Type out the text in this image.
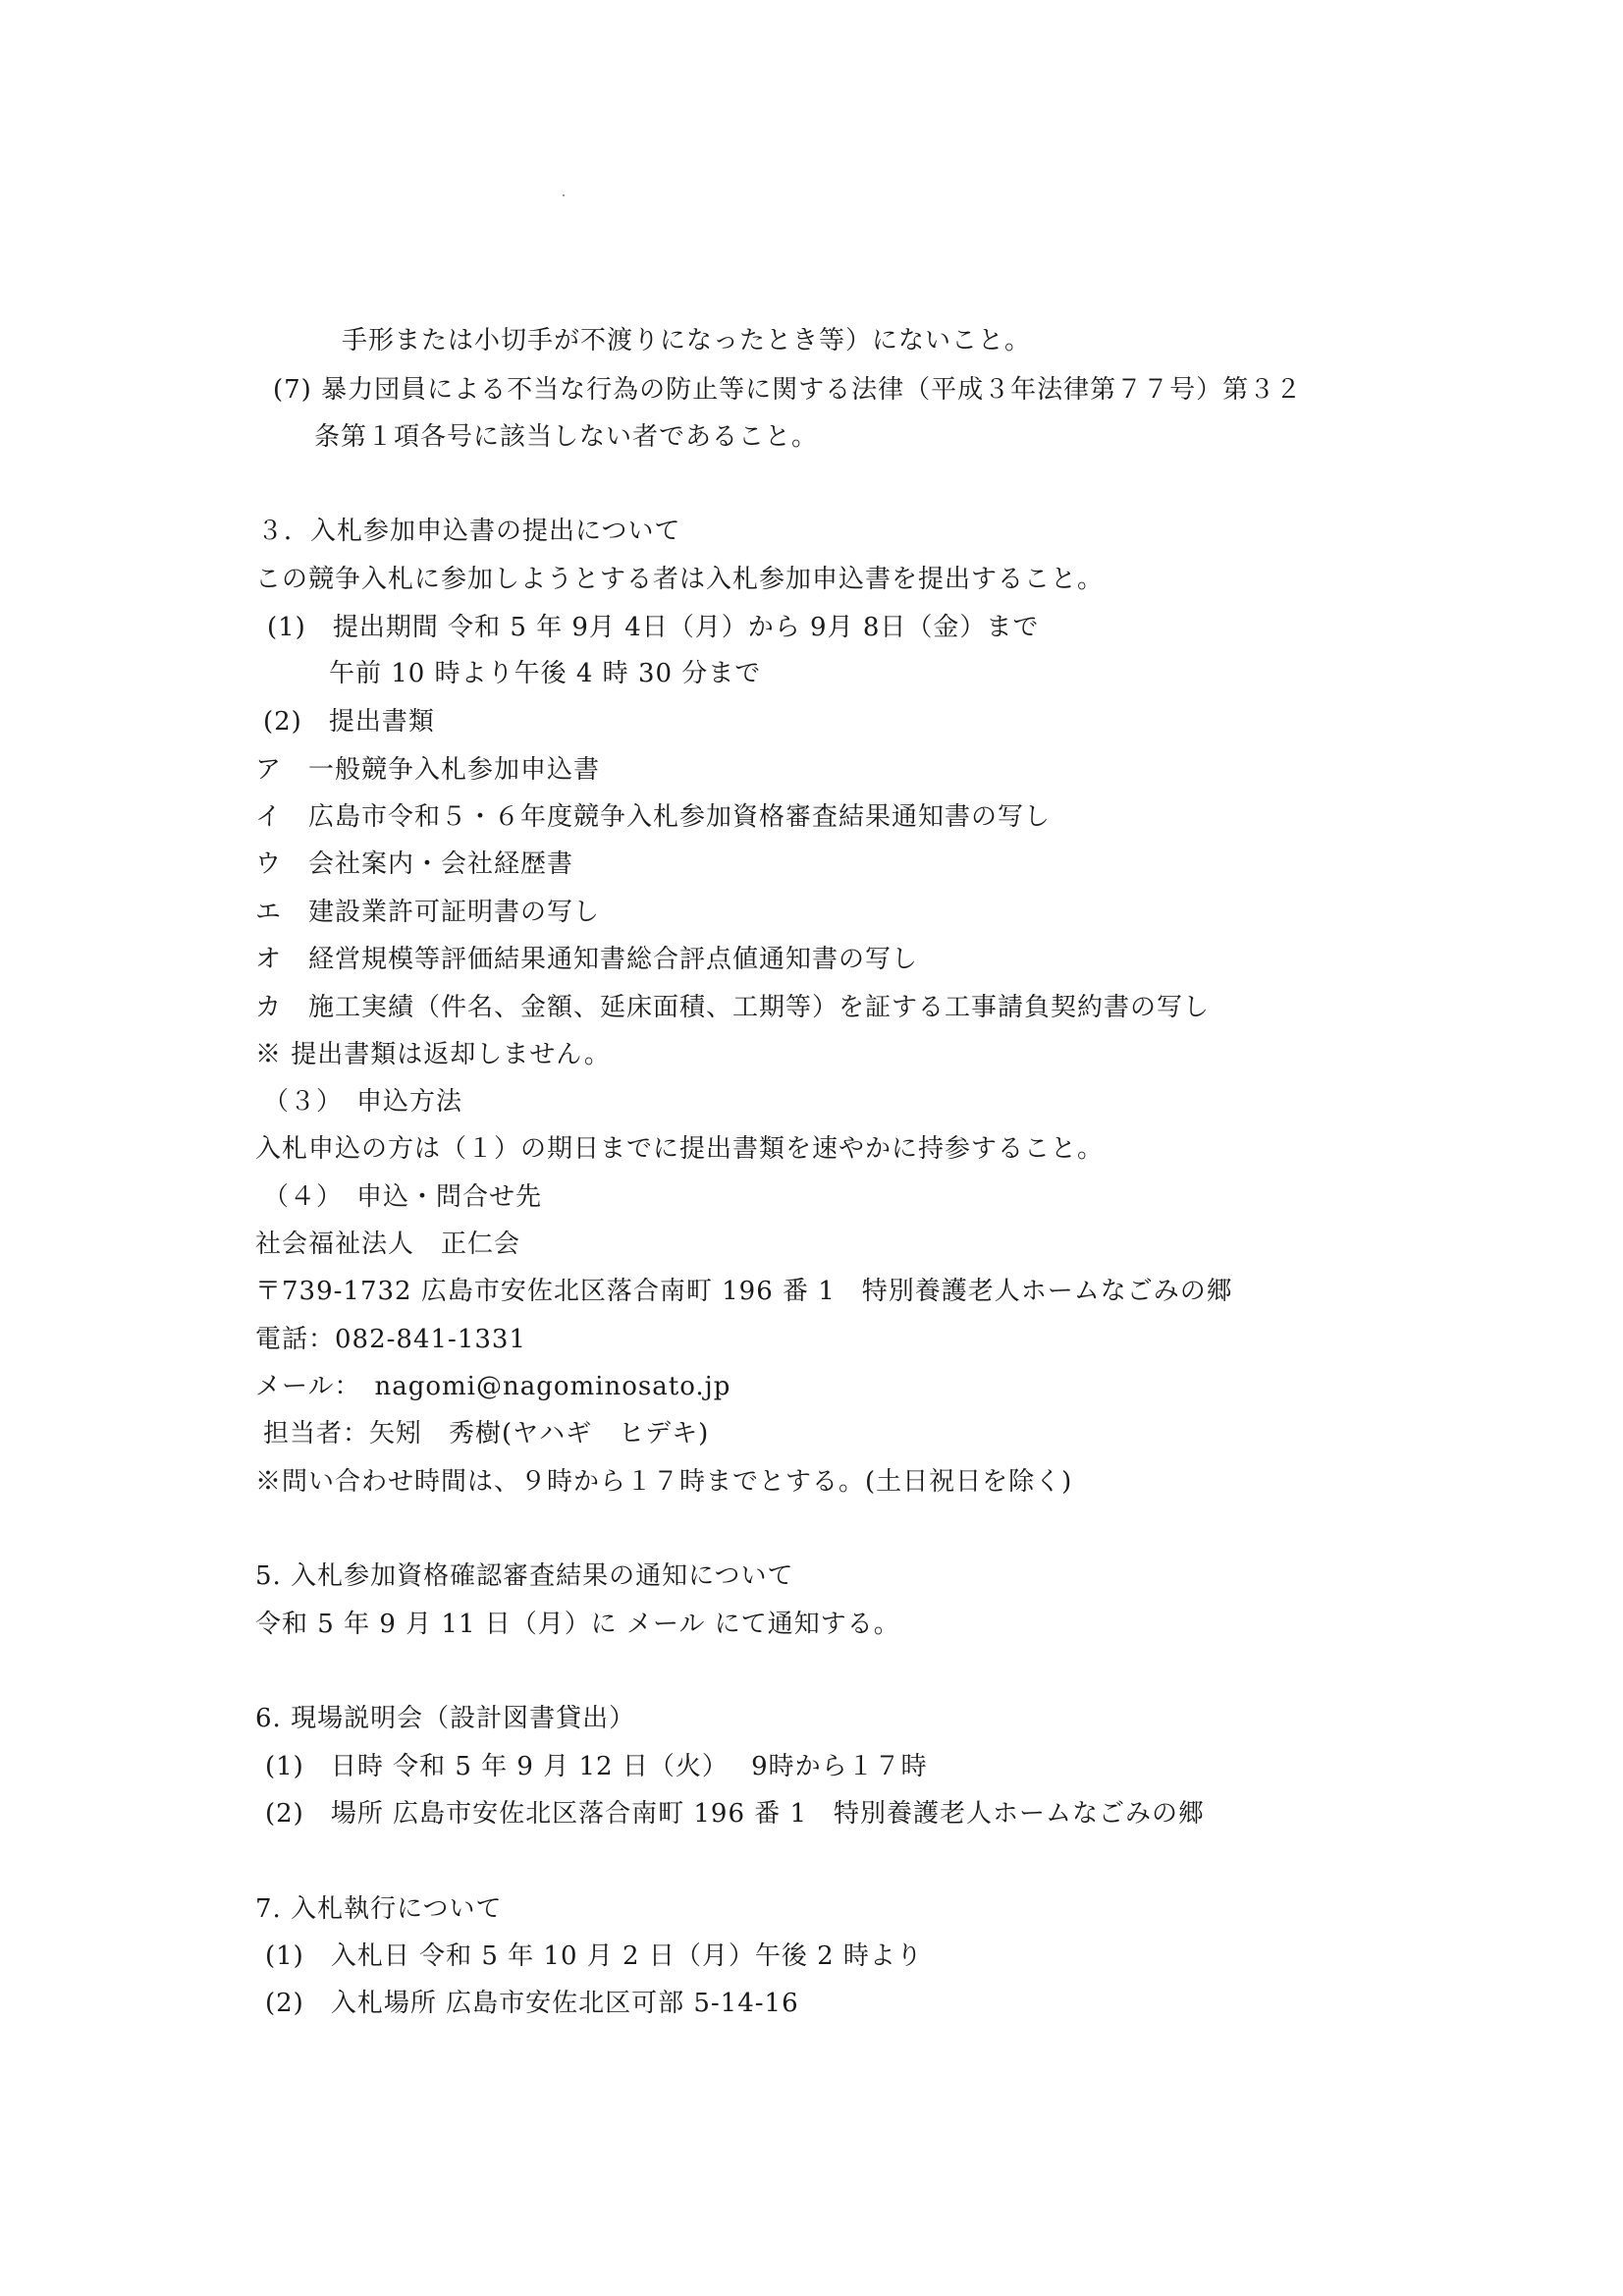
手形または小切手が不渡りになったとき等）にないこと。
(7) 暴力団員による不当な行為の防止等に関する法律（平成３年法律第７７号）第３２
条第１項各号に該当しない者であること。
３．入札参加申込書の提出について
この競争入札に参加しようとする者は入札参加申込書を提出すること。
(1)　提出期間 令和 5 年 9月 4日（月）から 9月 8日（金）まで
午前 10 時より午後 4 時 30 分まで
(2)　提出書類
ア　一般競争入札参加申込書
イ　広島市令和５・６年度競争入札参加資格審査結果通知書の写し
ウ　会社案内・会社経歴書
エ　建設業許可証明書の写し
オ　経営規模等評価結果通知書総合評点値通知書の写し
カ　施工実績（件名、金額、延床面積、工期等）を証する工事請負契約書の写し
※ 提出書類は返却しません。
（３）　申込方法
入札申込の方は（１）の期日までに提出書類を速やかに持参すること。
（４）　申込・問合せ先
社会福祉法人　正仁会
〒739-1732 広島市安佐北区落合南町 196 番 1　特別養護老人ホームなごみの郷
電話：082-841-1331
メール：　nagomi@nagominosato.jp
担当者：矢矧　秀樹(ヤハギ　ヒデキ)
※問い合わせ時間は、９時から１７時までとする。(土日祝日を除く)
5. 入札参加資格確認審査結果の通知について
令和 5 年 9 月 11 日（月）に メール にて通知する。
6. 現場説明会（設計図書貸出）
(1)　日時 令和 5 年 9 月 12 日（火）　 9時から１７時
(2)　場所 広島市安佐北区落合南町 196 番 1　特別養護老人ホームなごみの郷
7. 入札執行について
(1)　入札日 令和 5 年 10 月 2 日（月）午後 2 時より
(2)　入札場所 広島市安佐北区可部 5-14-16
